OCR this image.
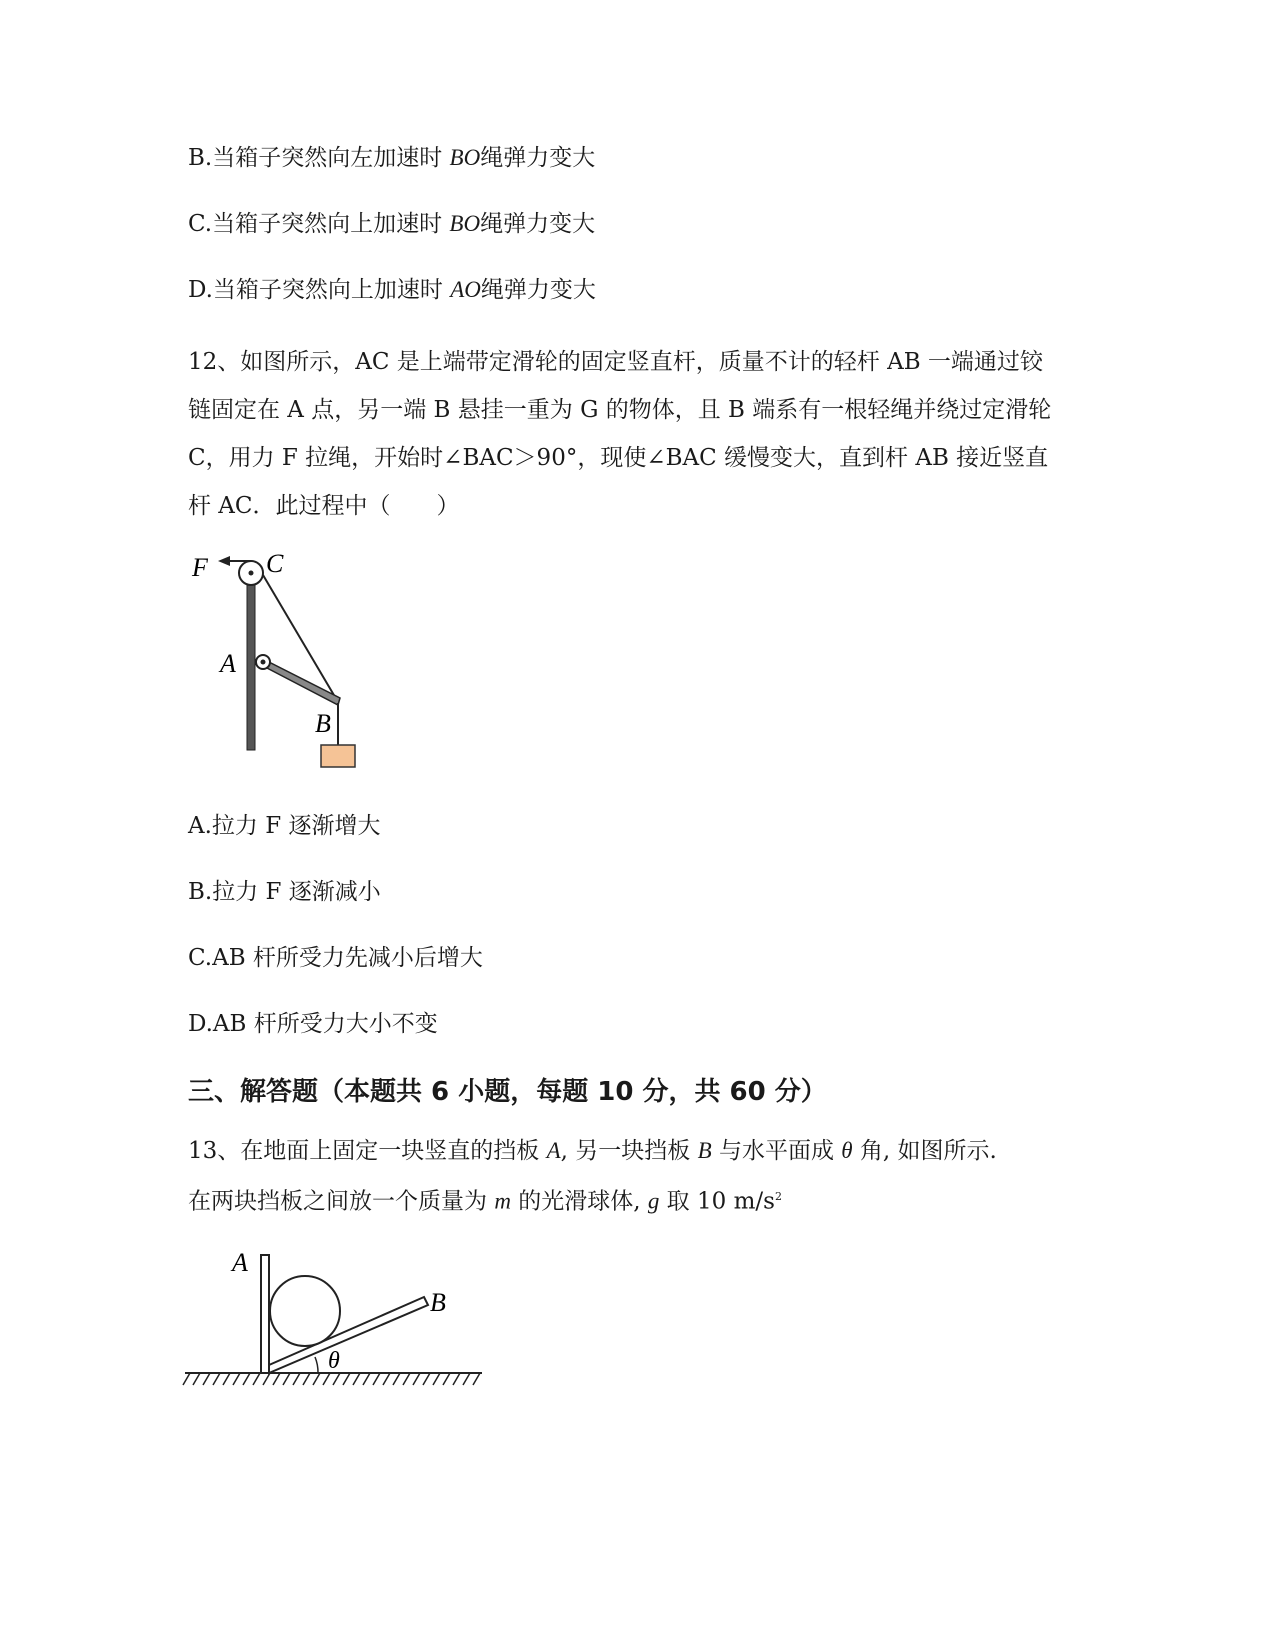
B.当箱子突然向左加速时 BO绳弹力变大
C.当箱子突然向上加速时 BO绳弹力变大
D.当箱子突然向上加速时 AO绳弹力变大
12、如图所示，AC 是上端带定滑轮的固定竖直杆，质量不计的轻杆 AB 一端通过铰
链固定在 A 点，另一端 B 悬挂一重为 G 的物体，且 B 端系有一根轻绳并绕过定滑轮
C，用力 F 拉绳，开始时∠BAC＞90°，现使∠BAC 缓慢变大，直到杆 AB 接近竖直
杆 AC．此过程中（　　）
F C
A
B
A.拉力 F 逐渐增大
B.拉力 F 逐渐减小
C.AB 杆所受力先减小后增大
D.AB 杆所受力大小不变
三、解答题（本题共 6 小题，每题 10 分，共 60 分）
13、在地面上固定一块竖直的挡板 A, 另一块挡板 B 与水平面成 θ 角, 如图所示.
在两块挡板之间放一个质量为 m 的光滑球体, g 取 10 $m/s^2$
A
B
θ
